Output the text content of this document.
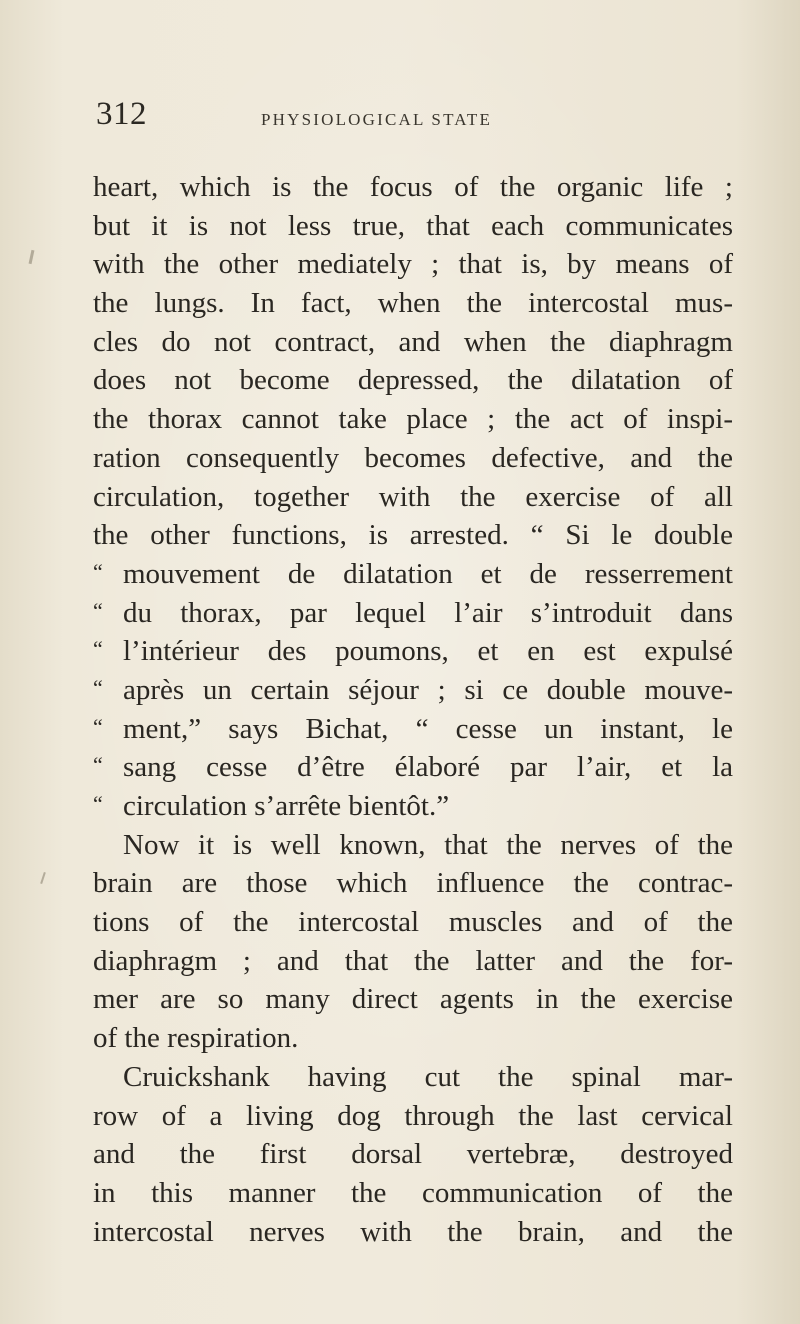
312	PHYSIOLOGICAL STATE
heart, which is the focus of the organic life ;
but it is not less true, that each communicates
with the other mediately ; that is, by means of
the lungs. In fact, when the intercostal mus-
cles do not contract, and when the diaphragm
does not become depressed, the dilatation of
the thorax cannot take place ; the act of inspi-
ration consequently becomes defective, and the
circulation, together with the exercise of all
the other functions, is arrested. “ Si le double
“ mouvement de dilatation et de resserrement
“ du thorax, par lequel l’air s’introduit dans
“ l’intérieur des poumons, et en est expulsé
“ après un certain séjour ; si ce double mouve-
“ ment,” says Bichat, “ cesse un instant, le
“ sang cesse d’être élaboré par l’air, et la
“ circulation s’arrête bientôt.”
Now it is well known, that the nerves of the
brain are those which influence the contrac-
tions of the intercostal muscles and of the
diaphragm ; and that the latter and the for-
mer are so many direct agents in the exercise
of the respiration.
Cruickshank having cut the spinal mar-
row of a living dog through the last cervical
and the first dorsal vertebræ, destroyed
in this manner the communication of the
intercostal nerves with the brain, and the
